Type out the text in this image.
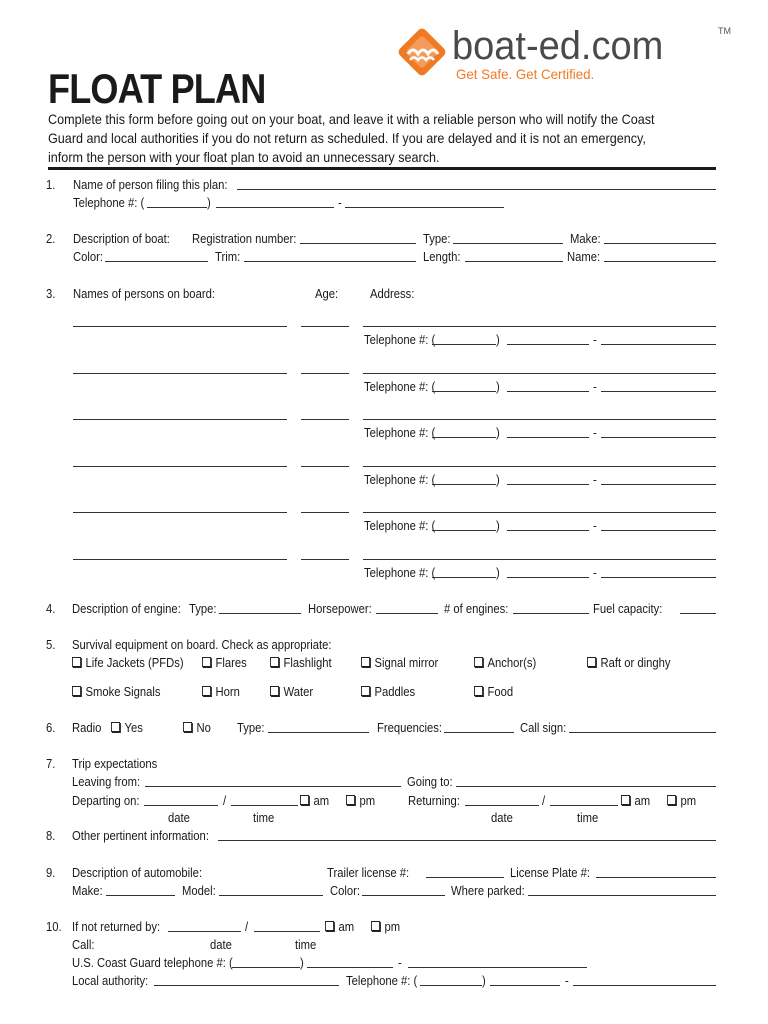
boat-ed.com	TM
Get Safe. Get Certified.
FLOAT PLAN
Complete this form before going out on your boat, and leave it with a reliable person who will notify the Coast Guard and local authorities if you do not return as scheduled. If you are delayed and it is not an emergency, inform the person with your float plan to avoid an unnecessary search.
1. Name of person filing this plan:
Telephone #: (	)	-
2. Description of boat: Registration number:	Type:	Make:
Color:	Trim:	Length:	Name:
3. Names of persons on board:	Age:	Address:
Telephone #: (	)	-
Telephone #: (	)	-
Telephone #: (	)	-
Telephone #: (	)	-
Telephone #: (	)	-
Telephone #: (	)	-
4. Description of engine: Type:	Horsepower:	# of engines:	Fuel capacity:
5. Survival equipment on board. Check as appropriate:
Life Jackets (PFDs)	Flares	Flashlight	Signal mirror	Anchor(s)	Raft or dinghy
Smoke Signals	Horn	Water	Paddles	Food
6. Radio	Yes	No Type:	Frequencies:	Call sign:
7. Trip expectations
Leaving from:	Going to:
Departing on:	/	am	pm	Returning:	/	am	pm
date	time	date	time
8. Other pertinent information:
9. Description of automobile:	Trailer license #:	License Plate #:
Make:	Model:	Color:	Where parked:
10. If not returned by:	/	am	pm
Call:	date	time
U.S. Coast Guard telephone #: (	)	-
Local authority:	Telephone #: (	)	-
